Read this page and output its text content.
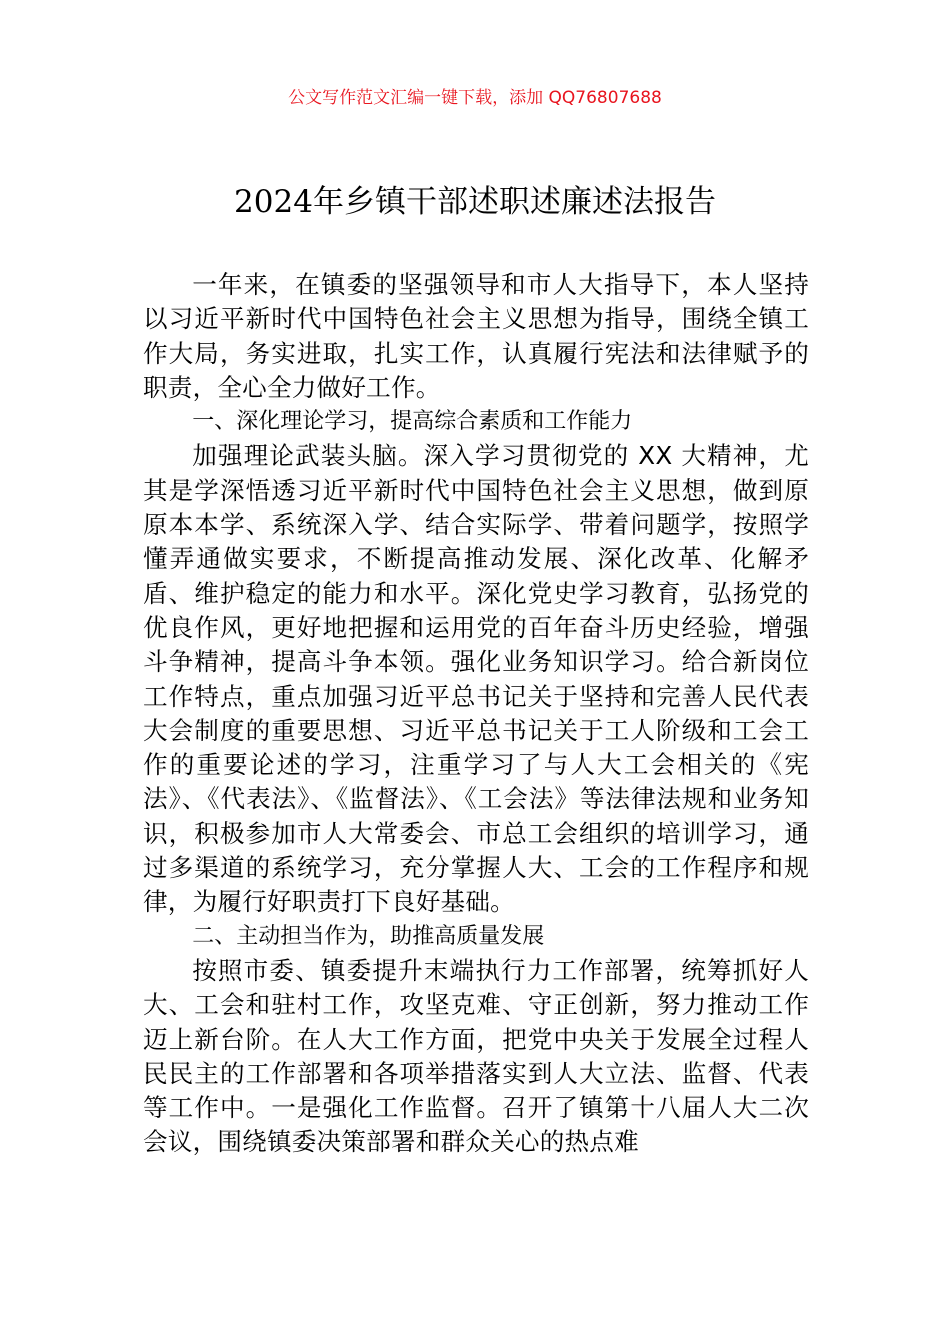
公文写作范文汇编一键下载，添加 QQ76807688
2024年乡镇干部述职述廉述法报告

一年来，在镇委的坚强领导和市人大指导下，本人坚持以习近平新时代中国特色社会主义思想为指导，围绕全镇工作大局，务实进取，扎实工作，认真履行宪法和法律赋予的职责，全心全力做好工作。

一、深化理论学习，提高综合素质和工作能力

加强理论武装头脑。深入学习贯彻党的 XX 大精神，尤其是学深悟透习近平新时代中国特色社会主义思想，做到原原本本学、系统深入学、结合实际学、带着问题学，按照学懂弄通做实要求，不断提高推动发展、深化改革、化解矛盾、维护稳定的能力和水平。深化党史学习教育，弘扬党的优良作风，更好地把握和运用党的百年奋斗历史经验，增强斗争精神，提高斗争本领。强化业务知识学习。给合新岗位工作特点，重点加强习近平总书记关于坚持和完善人民代表大会制度的重要思想、习近平总书记关于工人阶级和工会工作的重要论述的学习，注重学习了与人大工会相关的《宪法》、《代表法》、《监督法》、《工会法》等法律法规和业务知识，积极参加市人大常委会、市总工会组织的培训学习，通过多渠道的系统学习，充分掌握人大、工会的工作程序和规律，为履行好职责打下良好基础。

二、主动担当作为，助推高质量发展

按照市委、镇委提升末端执行力工作部署，统筹抓好人大、工会和驻村工作，攻坚克难、守正创新，努力推动工作迈上新台阶。在人大工作方面，把党中央关于发展全过程人民民主的工作部署和各项举措落实到人大立法、监督、代表等工作中。一是强化工作监督。召开了镇第十八届人大二次会议，围绕镇委决策部署和群众关心的热点难
